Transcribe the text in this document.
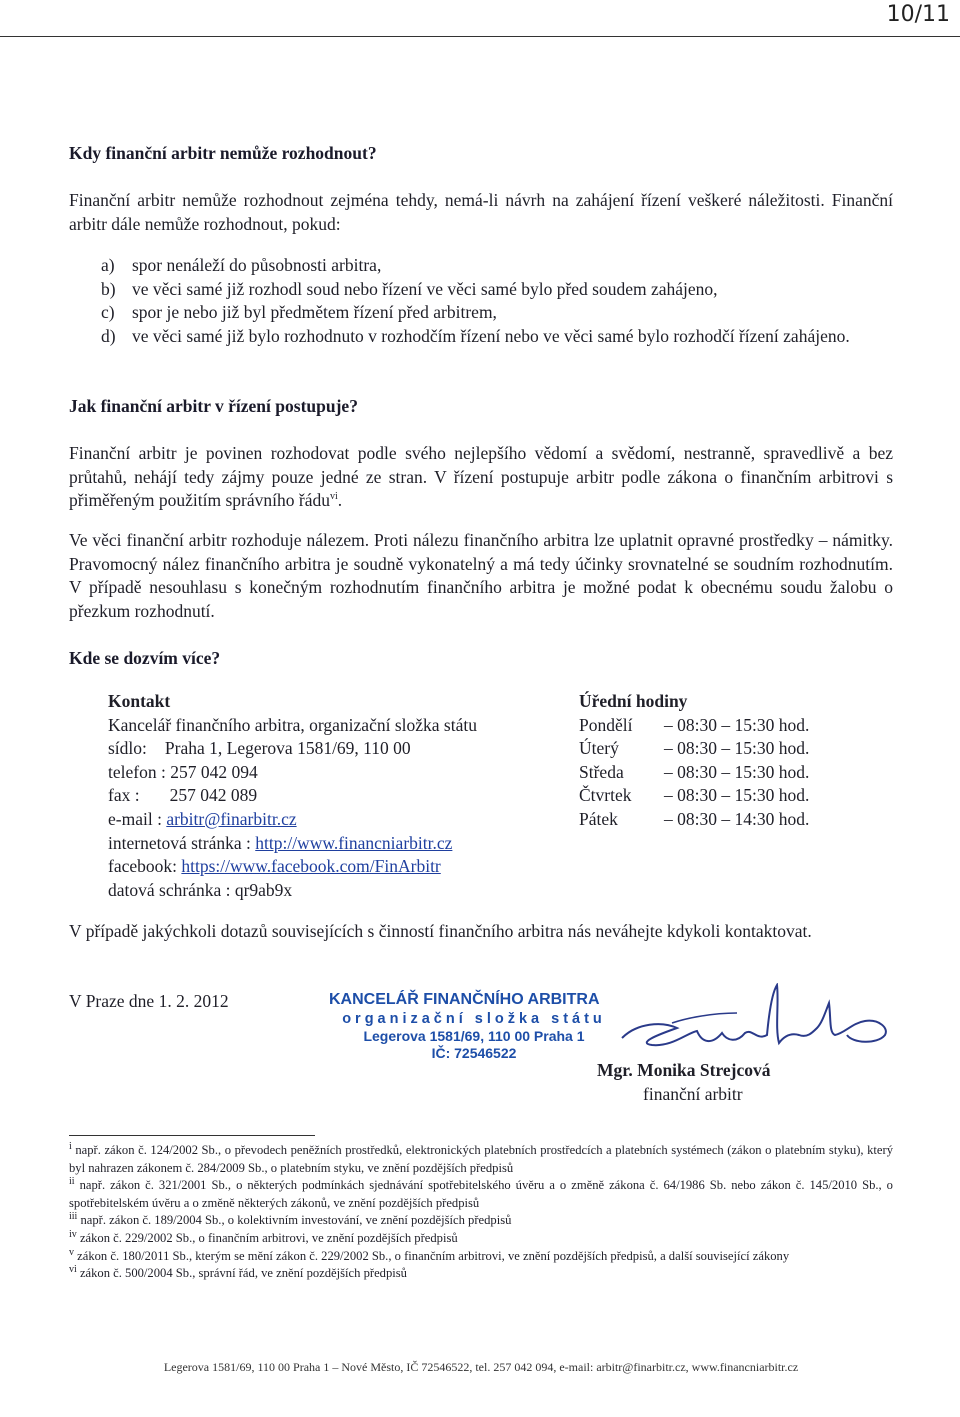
10/11
Kdy finanční arbitr nemůže rozhodnout?

Finanční arbitr nemůže rozhodnout zejména tehdy, nemá-li návrh na zahájení řízení veškeré náležitosti. Finanční arbitr dále nemůže rozhodnout, pokud:

a) spor nenáleží do působnosti arbitra,
b) ve věci samé již rozhodl soud nebo řízení ve věci samé bylo před soudem zahájeno,
c) spor je nebo již byl předmětem řízení před arbitrem,
d) ve věci samé již bylo rozhodnuto v rozhodčím řízení nebo ve věci samé bylo rozhodčí řízení zahájeno.
Jak finanční arbitr v řízení postupuje?

Finanční arbitr je povinen rozhodovat podle svého nejlepšího vědomí a svědomí, nestranně, spravedlivě a bez průtahů, nehájí tedy zájmy pouze jedné ze stran. V řízení postupuje arbitr podle zákona o finančním arbitrovi s přiměřeným použitím správního řádu$^{vi}$.

Ve věci finanční arbitr rozhoduje nálezem. Proti nálezu finančního arbitra lze uplatnit opravné prostředky – námitky. Pravomocný nález finančního arbitra je soudně vykonatelný a má tedy účinky srovnatelné se soudním rozhodnutím. V případě nesouhlasu s konečným rozhodnutím finančního arbitra je možné podat k obecnému soudu žalobu o přezkum rozhodnutí.

Kde se dozvím více?
Kontakt
Kancelář finančního arbitra, organizační složka státu
sídlo: Praha 1, Legerova 1581/69, 110 00
telefon : 257 042 094
fax : 257 042 089
e-mail : arbitr@finarbitr.cz
internetová stránka : http://www.financniarbitr.cz
facebook: https://www.facebook.com/FinArbitr
datová schránka : qr9ab9x
Úřední hodiny
Pondělí	– 08:30 – 15:30 hod.
Úterý	– 08:30 – 15:30 hod.
Středa	– 08:30 – 15:30 hod.
Čtvrtek	– 08:30 – 15:30 hod.
Pátek	– 08:30 – 14:30 hod.

V případě jakýchkoli dotazů souvisejících s činností finančního arbitra nás neváhejte kdykoli kontaktovat.

V Praze dne 1. 2. 2012	KANCELÁŘ FINANČNÍHO ARBITRA
organizační složka státu
Legerova 1581/69, 110 00 Praha 1
IČ: 72546522
Mgr. Monika Strejcová
finanční arbitr
$^i$ např. zákon č. 124/2002 Sb., o převodech peněžních prostředků, elektronických platebních prostředcích a platebních systémech (zákon o platebním styku), který byl nahrazen zákonem č. 284/2009 Sb., o platebním styku, ve znění pozdějších předpisů
$^{ii}$ např. zákon č. 321/2001 Sb., o některých podmínkách sjednávání spotřebitelského úvěru a o změně zákona č. 64/1986 Sb. nebo zákon č. 145/2010 Sb., o spotřebitelském úvěru a o změně některých zákonů, ve znění pozdějších předpisů
$^{iii}$ např. zákon č. 189/2004 Sb., o kolektivním investování, ve znění pozdějších předpisů
$^{iv}$ zákon č. 229/2002 Sb., o finančním arbitrovi, ve znění pozdějších předpisů
$^v$ zákon č. 180/2011 Sb., kterým se mění zákon č. 229/2002 Sb., o finančním arbitrovi, ve znění pozdějších předpisů, a další související zákony
$^{vi}$ zákon č. 500/2004 Sb., správní řád, ve znění pozdějších předpisů
Legerova 1581/69, 110 00 Praha 1 – Nové Město, IČ 72546522, tel. 257 042 094, e-mail: arbitr@finarbitr.cz, www.financniarbitr.cz
